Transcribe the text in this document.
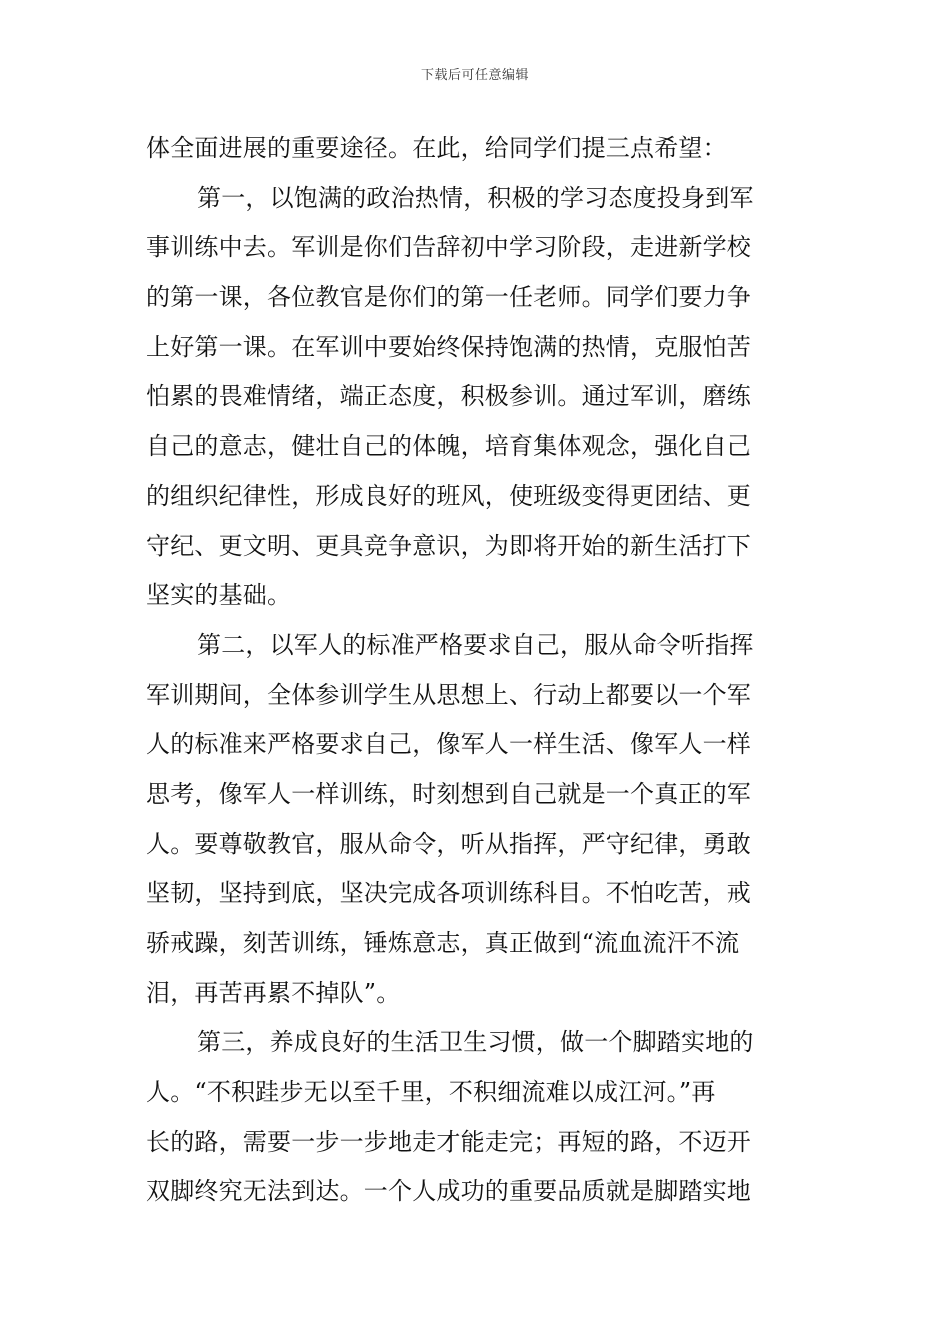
下载后可任意编辑
体全面进展的重要途径。在此，给同学们提三点希望：
第一，以饱满的政治热情，积极的学习态度投身到军
事训练中去。军训是你们告辞初中学习阶段，走进新学校
的第一课，各位教官是你们的第一任老师。同学们要力争
上好第一课。在军训中要始终保持饱满的热情，克服怕苦
怕累的畏难情绪，端正态度，积极参训。通过军训，磨练
自己的意志，健壮自己的体魄，培育集体观念，强化自己
的组织纪律性，形成良好的班风，使班级变得更团结、更
守纪、更文明、更具竞争意识，为即将开始的新生活打下
坚实的基础。
第二，以军人的标准严格要求自己，服从命令听指挥
军训期间，全体参训学生从思想上、行动上都要以一个军
人的标准来严格要求自己，像军人一样生活、像军人一样
思考，像军人一样训练，时刻想到自己就是一个真正的军
人。要尊敬教官，服从命令，听从指挥，严守纪律，勇敢
坚韧，坚持到底，坚决完成各项训练科目。不怕吃苦，戒
骄戒躁，刻苦训练，锤炼意志，真正做到“流血流汗不流
泪，再苦再累不掉队”。
第三，养成良好的生活卫生习惯，做一个脚踏实地的
人。“不积跬步无以至千里，不积细流难以成江河。”再
长的路，需要一步一步地走才能走完；再短的路，不迈开
双脚终究无法到达。一个人成功的重要品质就是脚踏实地
